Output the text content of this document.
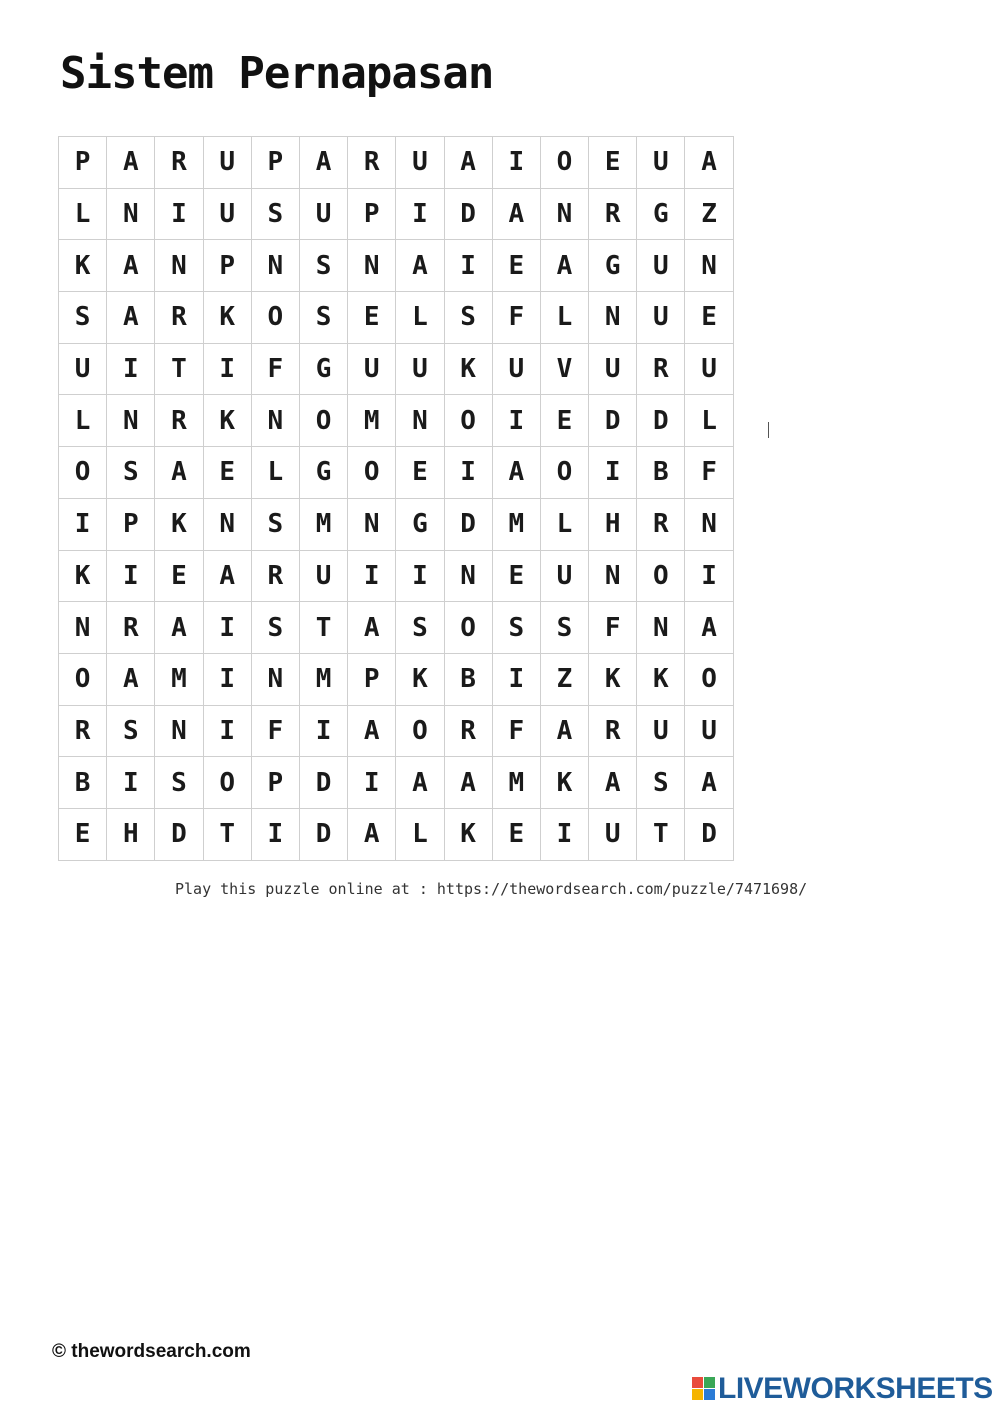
Sistem Pernapasan
P	A	R	U	P	A	R	U	A	I	O	E	U	A
L	N	I	U	S	U	P	I	D	A	N	R	G	Z
K	A	N	P	N	S	N	A	I	E	A	G	U	N
S	A	R	K	O	S	E	L	S	F	L	N	U	E
U	I	T	I	F	G	U	U	K	U	V	U	R	U
L	N	R	K	N	O	M	N	O	I	E	D	D	L
O	S	A	E	L	G	O	E	I	A	O	I	B	F
I	P	K	N	S	M	N	G	D	M	L	H	R	N
K	I	E	A	R	U	I	I	N	E	U	N	O	I
N	R	A	I	S	T	A	S	O	S	S	F	N	A
O	A	M	I	N	M	P	K	B	I	Z	K	K	O
R	S	N	I	F	I	A	O	R	F	A	R	U	U
B	I	S	O	P	D	I	A	A	M	K	A	S	A
E	H	D	T	I	D	A	L	K	E	I	U	T	D
Play this puzzle online at : https://thewordsearch.com/puzzle/7471698/
© thewordsearch.com
LIVEWORKSHEETS
